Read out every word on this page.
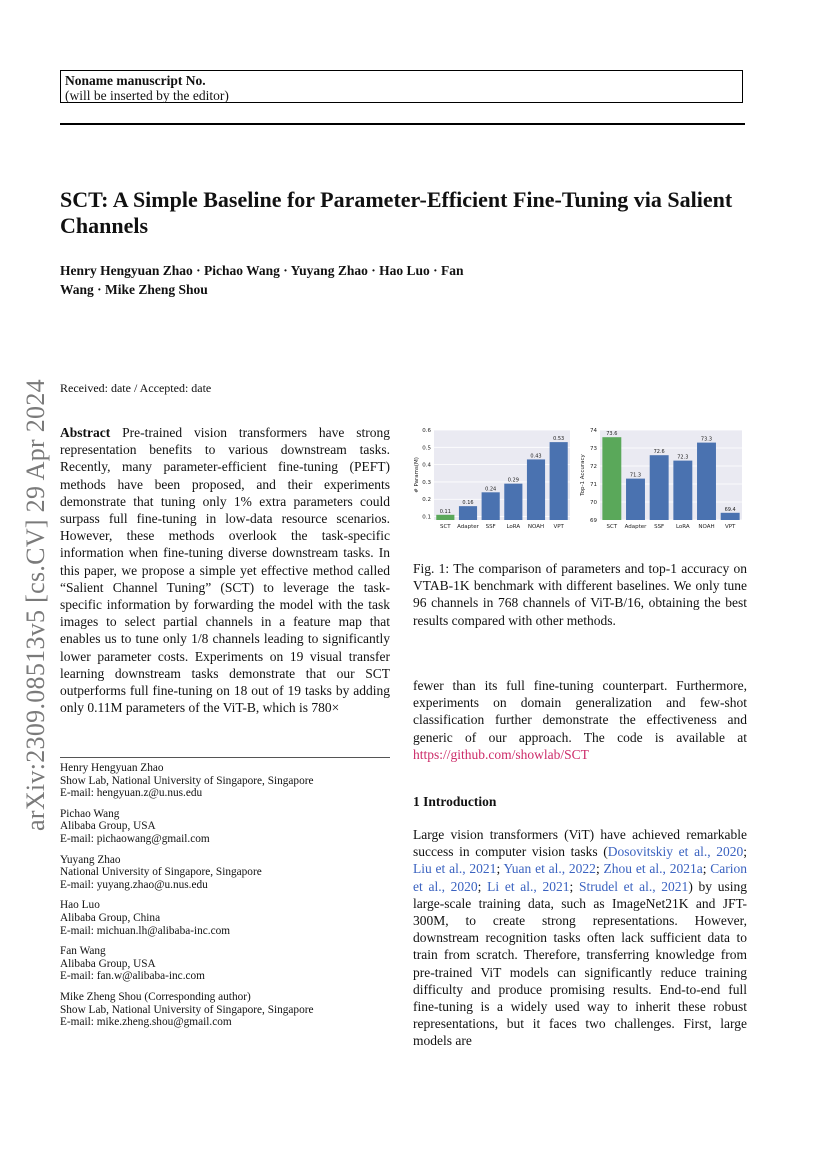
arXiv:2309.08513v5 [cs.CV] 29 Apr 2024
Noname manuscript No.
(will be inserted by the editor)
SCT: A Simple Baseline for Parameter-Efficient Fine-Tuning via Salient Channels
Henry Hengyuan Zhao · Pichao Wang · Yuyang Zhao · Hao Luo · Fan
Wang · Mike Zheng Shou
Received: date / Accepted: date
Abstract Pre-trained vision transformers have strong representation benefits to various downstream tasks. Recently, many parameter-efficient fine-tuning (PEFT) methods have been proposed, and their experiments demonstrate that tuning only 1% extra parameters could surpass full fine-tuning in low-data resource scenarios. However, these methods overlook the task-specific information when fine-tuning diverse downstream tasks. In this paper, we propose a simple yet effective method called “Salient Channel Tuning” (SCT) to leverage the task-specific information by forwarding the model with the task images to select partial channels in a feature map that enables us to tune only 1/8 channels leading to significantly lower parameter costs. Experiments on 19 visual transfer learning downstream tasks demonstrate that our SCT outperforms full fine-tuning on 18 out of 19 tasks by adding only 0.11M parameters of the ViT-B, which is 780×
Henry Hengyuan Zhao
Show Lab, National University of Singapore, Singapore
E-mail: hengyuan.z@u.nus.edu
Pichao Wang
Alibaba Group, USA
E-mail: pichaowang@gmail.com
Yuyang Zhao
National University of Singapore, Singapore
E-mail: yuyang.zhao@u.nus.edu
Hao Luo
Alibaba Group, China
E-mail: michuan.lh@alibaba-inc.com
Fan Wang
Alibaba Group, USA
E-mail: fan.w@alibaba-inc.com
Mike Zheng Shou (Corresponding author)
Show Lab, National University of Singapore, Singapore
E-mail: mike.zheng.shou@gmail.com
0.1
0.2
0.3
0.4
0.5
0.6
# Params(M)
0.11
SCT
0.16
Adapter
0.24
SSF
0.29
LoRA
0.43
NOAH
0.53
VPT
69
70
71
72
73
74
Top-1 Accuracy
73.6
SCT
71.3
Adapter
72.6
SSF
72.3
LoRA
73.3
NOAH
69.4
VPT
Fig. 1: The comparison of parameters and top-1 accuracy on VTAB-1K benchmark with different baselines. We only tune 96 channels in 768 channels of ViT-B/16, obtaining the best results compared with other methods.
fewer than its full fine-tuning counterpart. Furthermore, experiments on domain generalization and few-shot classification further demonstrate the effectiveness and generic of our approach. The code is available at https://github.com/showlab/SCT
1 Introduction
Large vision transformers (ViT) have achieved remarkable success in computer vision tasks (Dosovitskiy et al., 2020; Liu et al., 2021; Yuan et al., 2022; Zhou et al., 2021a; Carion et al., 2020; Li et al., 2021; Strudel et al., 2021) by using large-scale training data, such as ImageNet21K and JFT-300M, to create strong representations. However, downstream recognition tasks often lack sufficient data to train from scratch. Therefore, transferring knowledge from pre-trained ViT models can significantly reduce training difficulty and produce promising results. End-to-end full fine-tuning is a widely used way to inherit these robust representations, but it faces two challenges. First, large models are
